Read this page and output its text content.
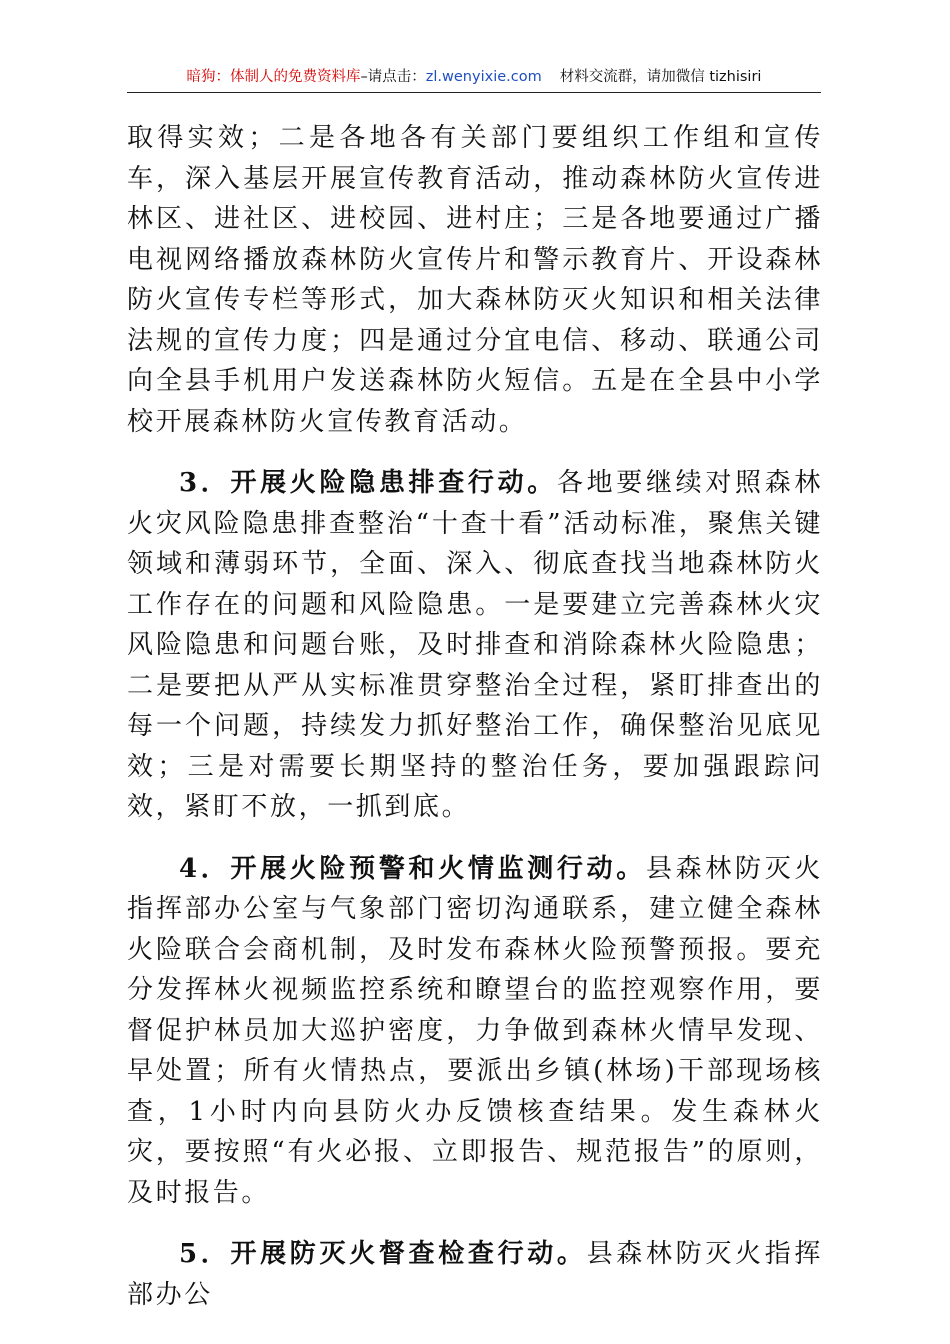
暗狗：体制人的免费资料库–请点击：zl.wenyixie.com 材料交流群，请加微信 tizhisiri

取得实效；二是各地各有关部门要组织工作组和宣传车，深入基层开展宣传教育活动，推动森林防火宣传进林区、进社区、进校园、进村庄；三是各地要通过广播电视网络播放森林防火宣传片和警示教育片、开设森林防火宣传专栏等形式，加大森林防灭火知识和相关法律法规的宣传力度；四是通过分宜电信、移动、联通公司向全县手机用户发送森林防火短信。五是在全县中小学校开展森林防火宣传教育活动。

3．开展火险隐患排查行动。各地要继续对照森林火灾风险隐患排查整治“十查十看”活动标准，聚焦关键领域和薄弱环节，全面、深入、彻底查找当地森林防火工作存在的问题和风险隐患。一是要建立完善森林火灾风险隐患和问题台账，及时排查和消除森林火险隐患；二是要把从严从实标准贯穿整治全过程，紧盯排查出的每一个问题，持续发力抓好整治工作，确保整治见底见效；三是对需要长期坚持的整治任务，要加强跟踪问效，紧盯不放，一抓到底。

4．开展火险预警和火情监测行动。县森林防灭火指挥部办公室与气象部门密切沟通联系，建立健全森林火险联合会商机制，及时发布森林火险预警预报。要充分发挥林火视频监控系统和瞭望台的监控观察作用，要督促护林员加大巡护密度，力争做到森林火情早发现、早处置；所有火情热点，要派出乡镇(林场)干部现场核查，1小时内向县防火办反馈核查结果。发生森林火灾，要按照“有火必报、立即报告、规范报告”的原则，及时报告。

5．开展防灭火督查检查行动。县森林防灭火指挥部办公
